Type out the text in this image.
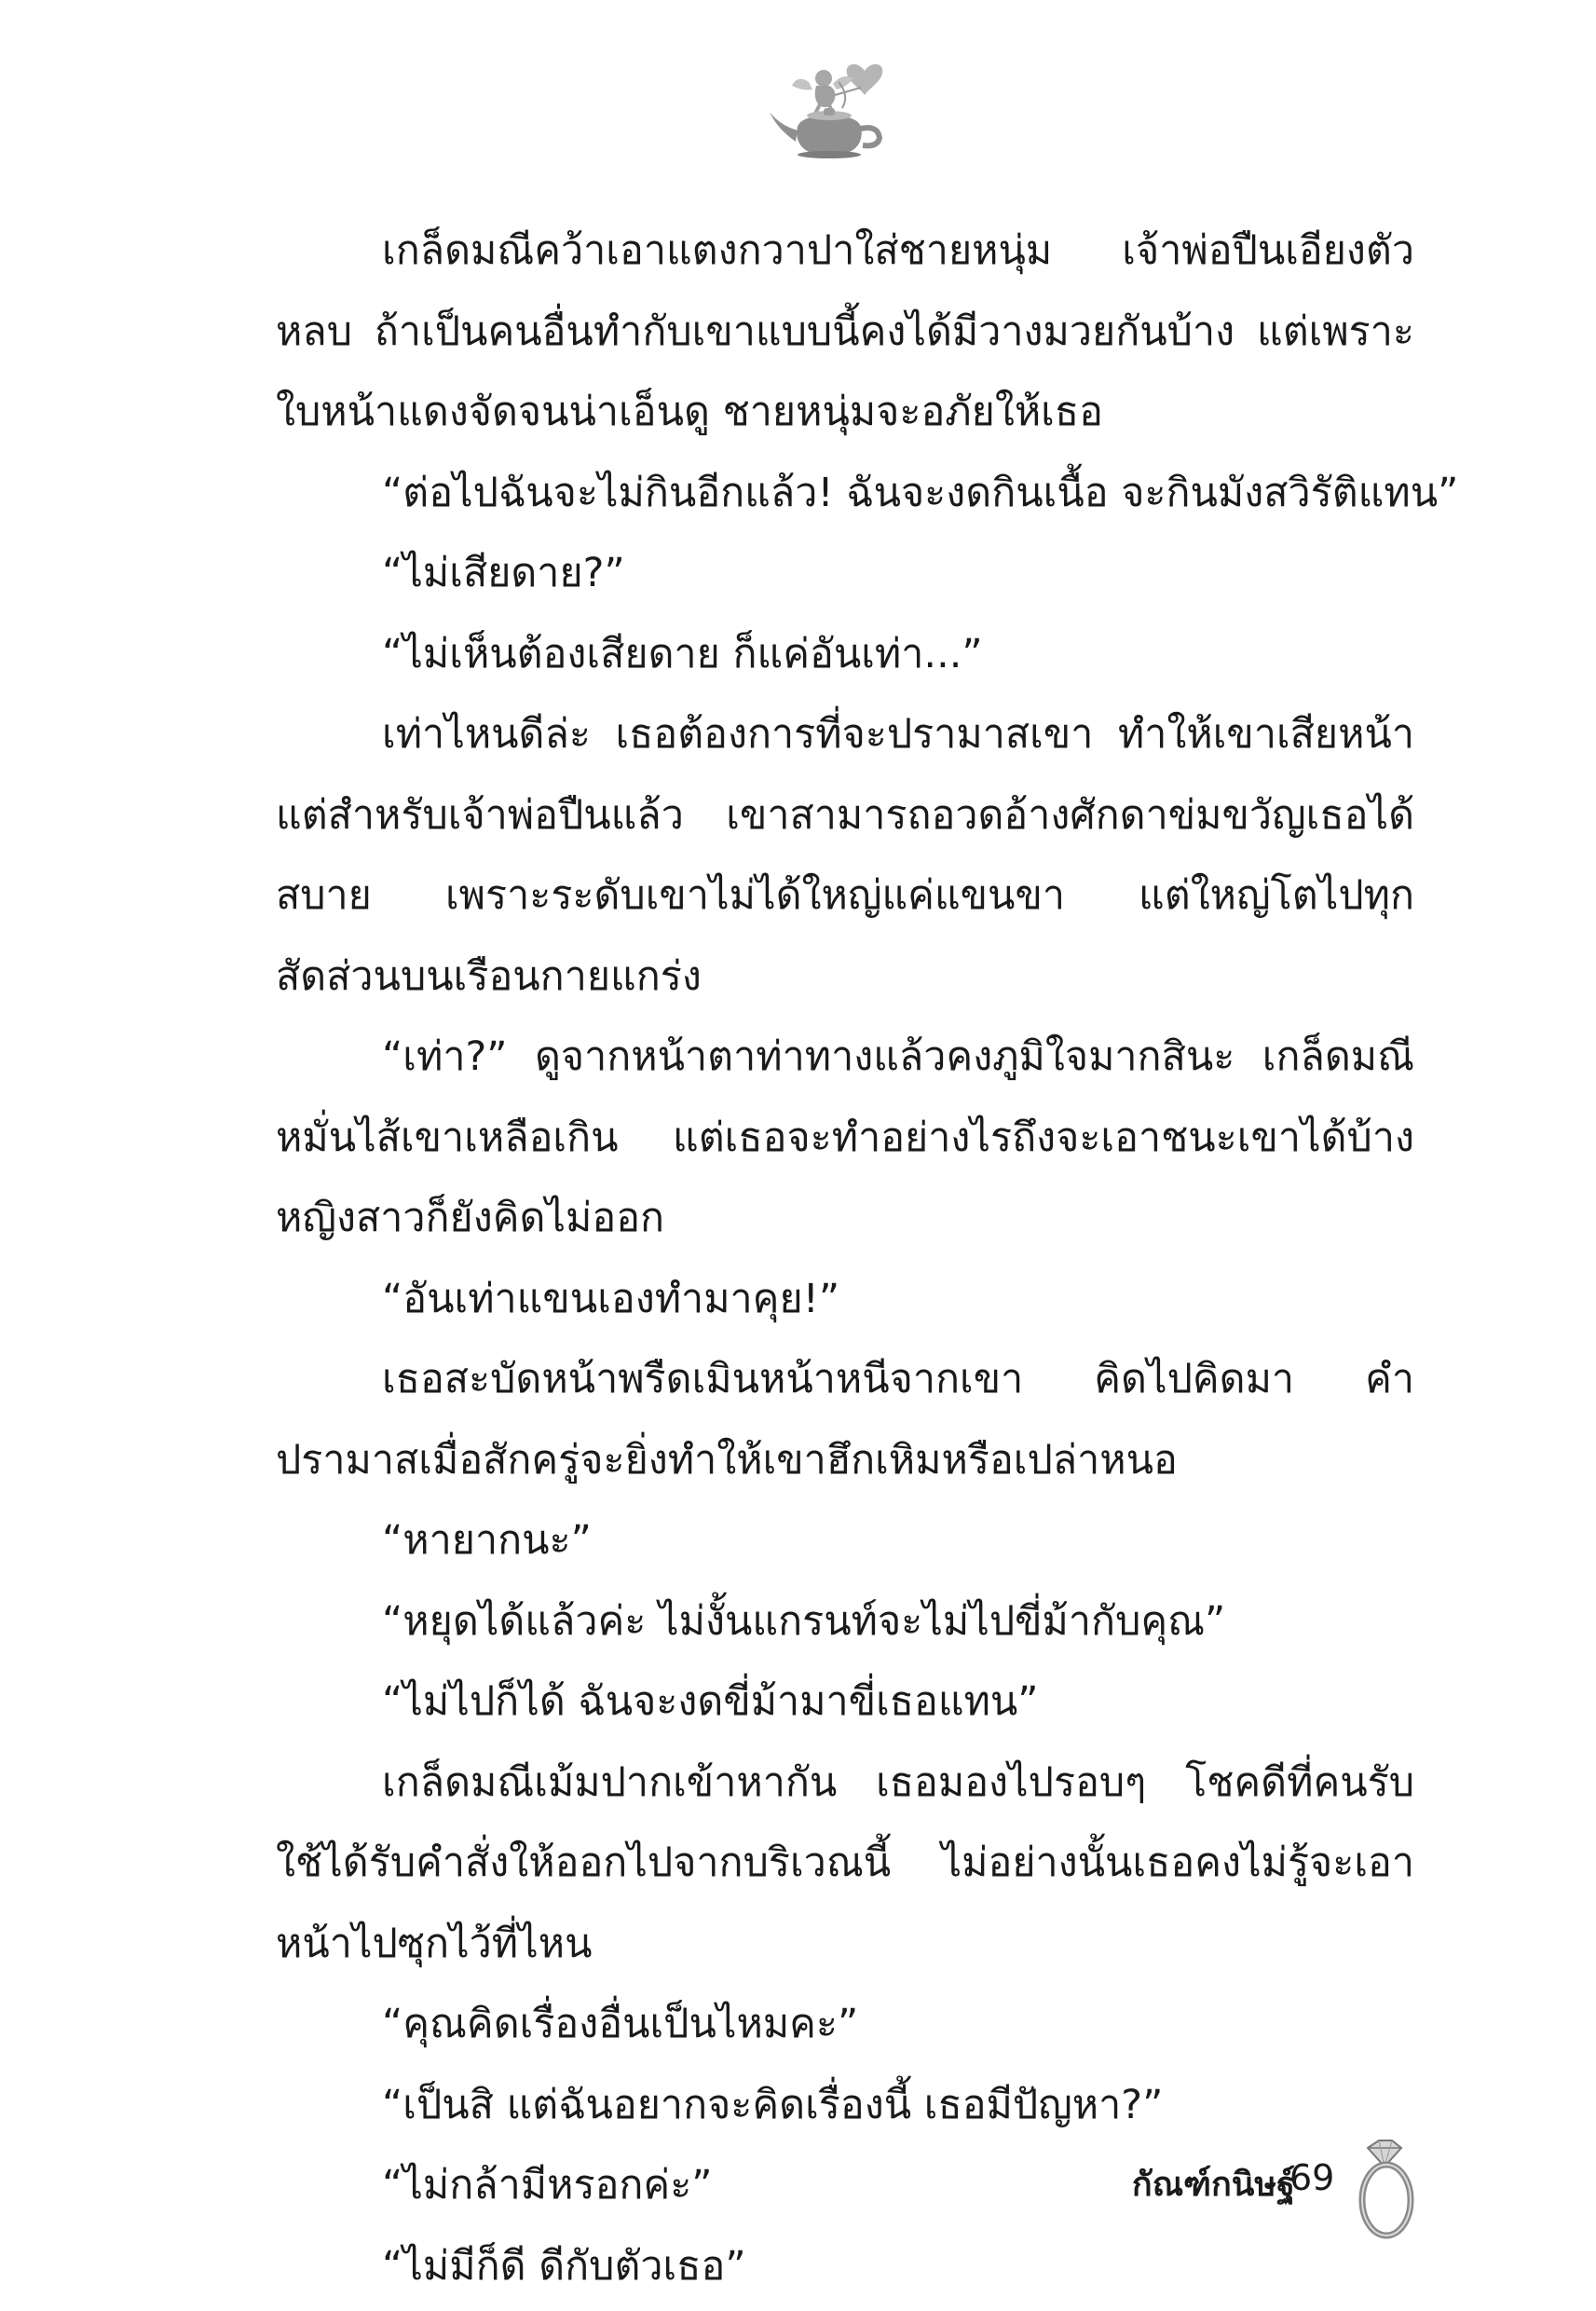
เกล็ดมณีคว้าเอาแตงกวาปาใส่ชายหนุ่ม เจ้าพ่อปืนเอียงตัวหลบ ถ้าเป็นคนอื่นทำกับเขาแบบนี้คงได้มีวางมวยกันบ้าง แต่เพราะใบหน้าแดงจัดจนน่าเอ็นดู ชายหนุ่มจะอภัยให้เธอ

“ต่อไปฉันจะไม่กินอีกแล้ว! ฉันจะงดกินเนื้อ จะกินมังสวิรัติแทน”

“ไม่เสียดาย?”

“ไม่เห็นต้องเสียดาย ก็แค่อันเท่า...”

เท่าไหนดีล่ะ เธอต้องการที่จะปรามาสเขา ทำให้เขาเสียหน้า แต่สำหรับเจ้าพ่อปืนแล้ว เขาสามารถอวดอ้างศักดาข่มขวัญเธอได้สบาย เพราะระดับเขาไม่ได้ใหญ่แค่แขนขา แต่ใหญ่โตไปทุกสัดส่วนบนเรือนกายแกร่ง

“เท่า?” ดูจากหน้าตาท่าทางแล้วคงภูมิใจมากสินะ เกล็ดมณีหมั่นไส้เขาเหลือเกิน แต่เธอจะทำอย่างไรถึงจะเอาชนะเขาได้บ้าง หญิงสาวก็ยังคิดไม่ออก

“อันเท่าแขนเองทำมาคุย!”

เธอสะบัดหน้าพรืดเมินหน้าหนีจากเขา คิดไปคิดมา คำปรามาสเมื่อสักครู่จะยิ่งทำให้เขาฮึกเหิมหรือเปล่าหนอ

“หายากนะ”

“หยุดได้แล้วค่ะ ไม่งั้นแกรนท์จะไม่ไปขี่ม้ากับคุณ”

“ไม่ไปก็ได้ ฉันจะงดขี่ม้ามาขี่เธอแทน”

เกล็ดมณีเม้มปากเข้าหากัน เธอมองไปรอบๆ โชคดีที่คนรับใช้ได้รับคำสั่งให้ออกไปจากบริเวณนี้ ไม่อย่างนั้นเธอคงไม่รู้จะเอาหน้าไปซุกไว้ที่ไหน

“คุณคิดเรื่องอื่นเป็นไหมคะ”

“เป็นสิ แต่ฉันอยากจะคิดเรื่องนี้ เธอมีปัญหา?”

“ไม่กล้ามีหรอกค่ะ”

“ไม่มีก็ดี ดีกับตัวเธอ”

กัณฑ์กนิษฐ์
69
